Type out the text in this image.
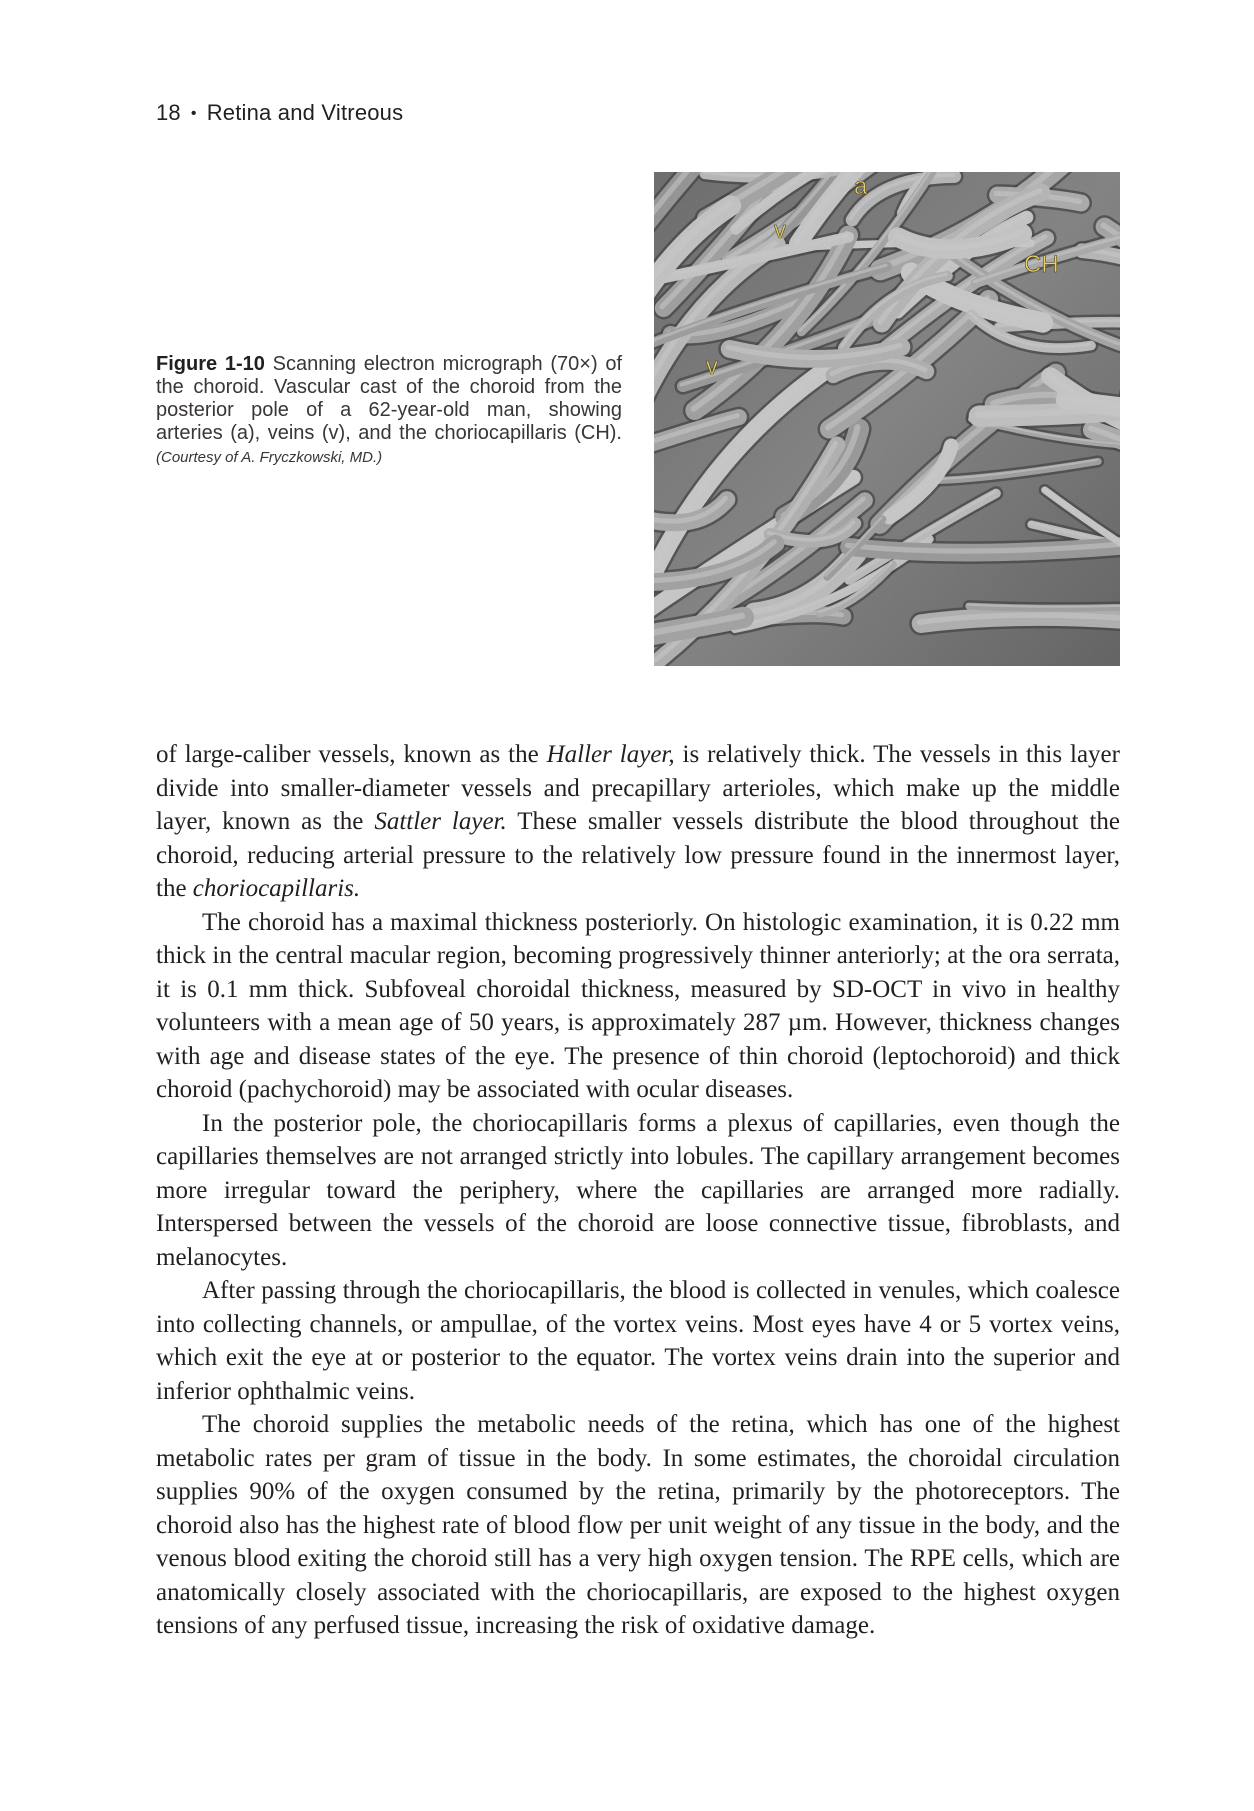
18 • Retina and Vitreous
Figure 1-10 Scanning electron micrograph (70×) of the choroid. Vascular cast of the choroid from the posterior pole of a 62-year-old man, showing arteries (a), veins (v), and the choriocapillaris (CH). (Courtesy of A. Fryczkowski, MD.)
a
v
v
CH

of large-caliber vessels, known as the Haller layer, is relatively thick. The vessels in this layer divide into smaller-diameter vessels and precapillary arterioles, which make up the middle layer, known as the Sattler layer. These smaller vessels distribute the blood throughout the choroid, reducing arterial pressure to the relatively low pressure found in the innermost layer, the choriocapillaris.

The choroid has a maximal thickness posteriorly. On histologic examination, it is 0.22 mm thick in the central macular region, becoming progressively thinner anteriorly; at the ora serrata, it is 0.1 mm thick. Subfoveal choroidal thickness, measured by SD-OCT in vivo in healthy volunteers with a mean age of 50 years, is approximately 287 µm. However, thickness changes with age and disease states of the eye. The presence of thin choroid (leptochoroid) and thick choroid (pachychoroid) may be associated with ocular diseases.

In the posterior pole, the choriocapillaris forms a plexus of capillaries, even though the capillaries themselves are not arranged strictly into lobules. The capillary arrangement becomes more irregular toward the periphery, where the capillaries are arranged more radially. Interspersed between the vessels of the choroid are loose connective tissue, fibroblasts, and melanocytes.

After passing through the choriocapillaris, the blood is collected in venules, which coalesce into collecting channels, or ampullae, of the vortex veins. Most eyes have 4 or 5 vortex veins, which exit the eye at or posterior to the equator. The vortex veins drain into the superior and inferior ophthalmic veins.

The choroid supplies the metabolic needs of the retina, which has one of the highest metabolic rates per gram of tissue in the body. In some estimates, the choroidal circulation supplies 90% of the oxygen consumed by the retina, primarily by the photoreceptors. The choroid also has the highest rate of blood flow per unit weight of any tissue in the body, and the venous blood exiting the choroid still has a very high oxygen tension. The RPE cells, which are anatomically closely associated with the choriocapillaris, are exposed to the highest oxygen tensions of any perfused tissue, increasing the risk of oxidative damage.
